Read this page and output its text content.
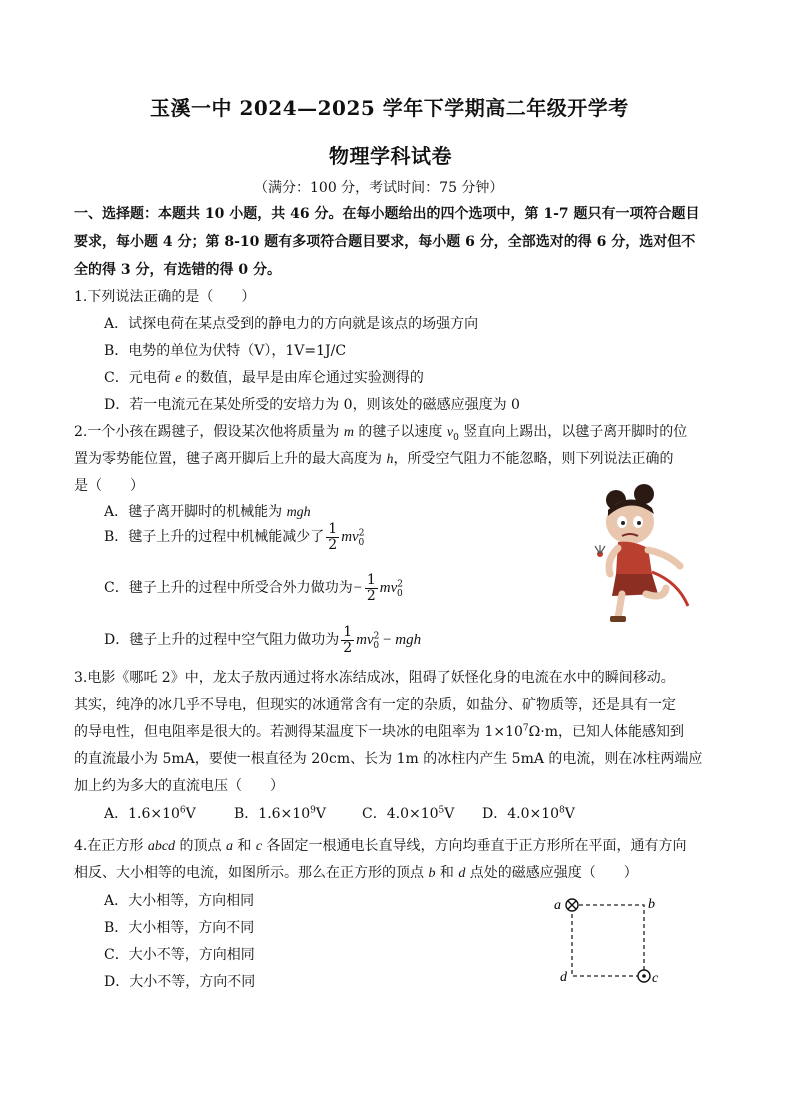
玉溪一中 2024—2025 学年下学期高二年级开学考
物理学科试卷
（满分：100 分，考试时间：75 分钟）
一、选择题：本题共 10 小题，共 46 分。在每小题给出的四个选项中，第 1-7 题只有一项符合题目
要求，每小题 4 分；第 8-10 题有多项符合题目要求，每小题 6 分，全部选对的得 6 分，选对但不
全的得 3 分，有选错的得 0 分。
1.下列说法正确的是（　　）
A．试探电荷在某点受到的静电力的方向就是该点的场强方向
B．电势的单位为伏特（V），1V=1J/C
C．元电荷 e 的数值，最早是由库仑通过实验测得的
D．若一电流元在某处所受的安培力为 0，则该处的磁感应强度为 0
2.一个小孩在踢毽子，假设某次他将质量为 m 的毽子以速度 $v_0$ 竖直向上踢出，以毽子离开脚时的位
置为零势能位置，毽子离开脚后上升的最大高度为 h，所受空气阻力不能忽略，则下列说法正确的
是（　　）
A．毽子离开脚时的机械能为 mgh
B．毽子上升的过程中机械能减少了 $\frac{1}{2} mv^2_0$
C．毽子上升的过程中所受合外力做功为− $\frac{1}{2} mv^2_0$
D．毽子上升的过程中空气阻力做功为 $\frac{1}{2} mv^2_0$ − mgh
3.电影《哪吒 2》中，龙太子敖丙通过将水冻结成冰，阻碍了妖怪化身的电流在水中的瞬间移动。
其实，纯净的冰几乎不导电，但现实的冰通常含有一定的杂质，如盐分、矿物质等，还是具有一定
的导电性，但电阻率是很大的。若测得某温度下一块冰的电阻率为 $1\times 10^7\Omega\cdot m$，已知人体能感知到
的直流最小为 5mA，要使一根直径为 20cm、长为 1m 的冰柱内产生 5mA 的电流，则在冰柱两端应
加上约为多大的直流电压（　　）
A．$1.6\times 10^6V$	B．$1.6\times 10^9V$	C．$4.0\times 10^5V$ D．$4.0\times 10^8V$
4.在正方形 abcd 的顶点 a 和 c 各固定一根通电长直导线，方向均垂直于正方形所在平面，通有方向
相反、大小相等的电流，如图所示。那么在正方形的顶点 b 和 d 点处的磁感应强度（　　）
A．大小相等，方向相同
B．大小相等，方向不同
C．大小不等，方向相同
D．大小不等，方向不同
a	b
c
d
